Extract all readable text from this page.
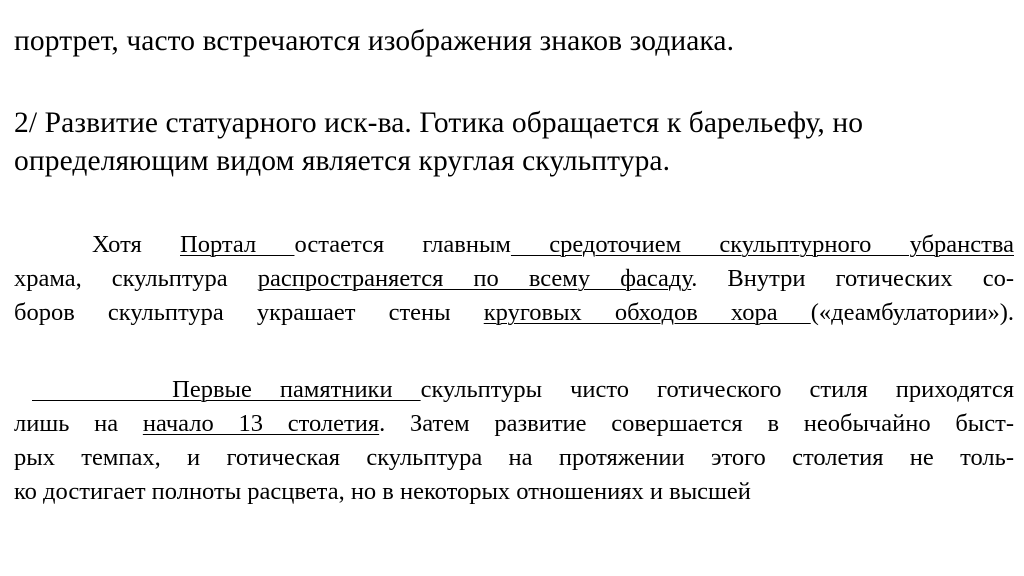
портрет, часто встречаются изображения знаков зодиака.
2/ Развитие статуарного иск-ва. Готика обращается к барельефу, но
определяющим видом является круглая скульптура.
Хотя Портал остается главным средоточием скульптурного убранства
храма, скульптура распространяется по всему фасаду. Внутри готических со-
боров скульптура украшает стены круговых обходов хора («деамбулатории»).
Первые памятники скульптуры чисто готического стиля приходятся
лишь на начало 13 столетия. Затем развитие совершается в необычайно быст-
рых темпах, и готическая скульптура на протяжении этого столетия не толь-
ко достигает полноты расцвета, но в некоторых отношениях и высшей
